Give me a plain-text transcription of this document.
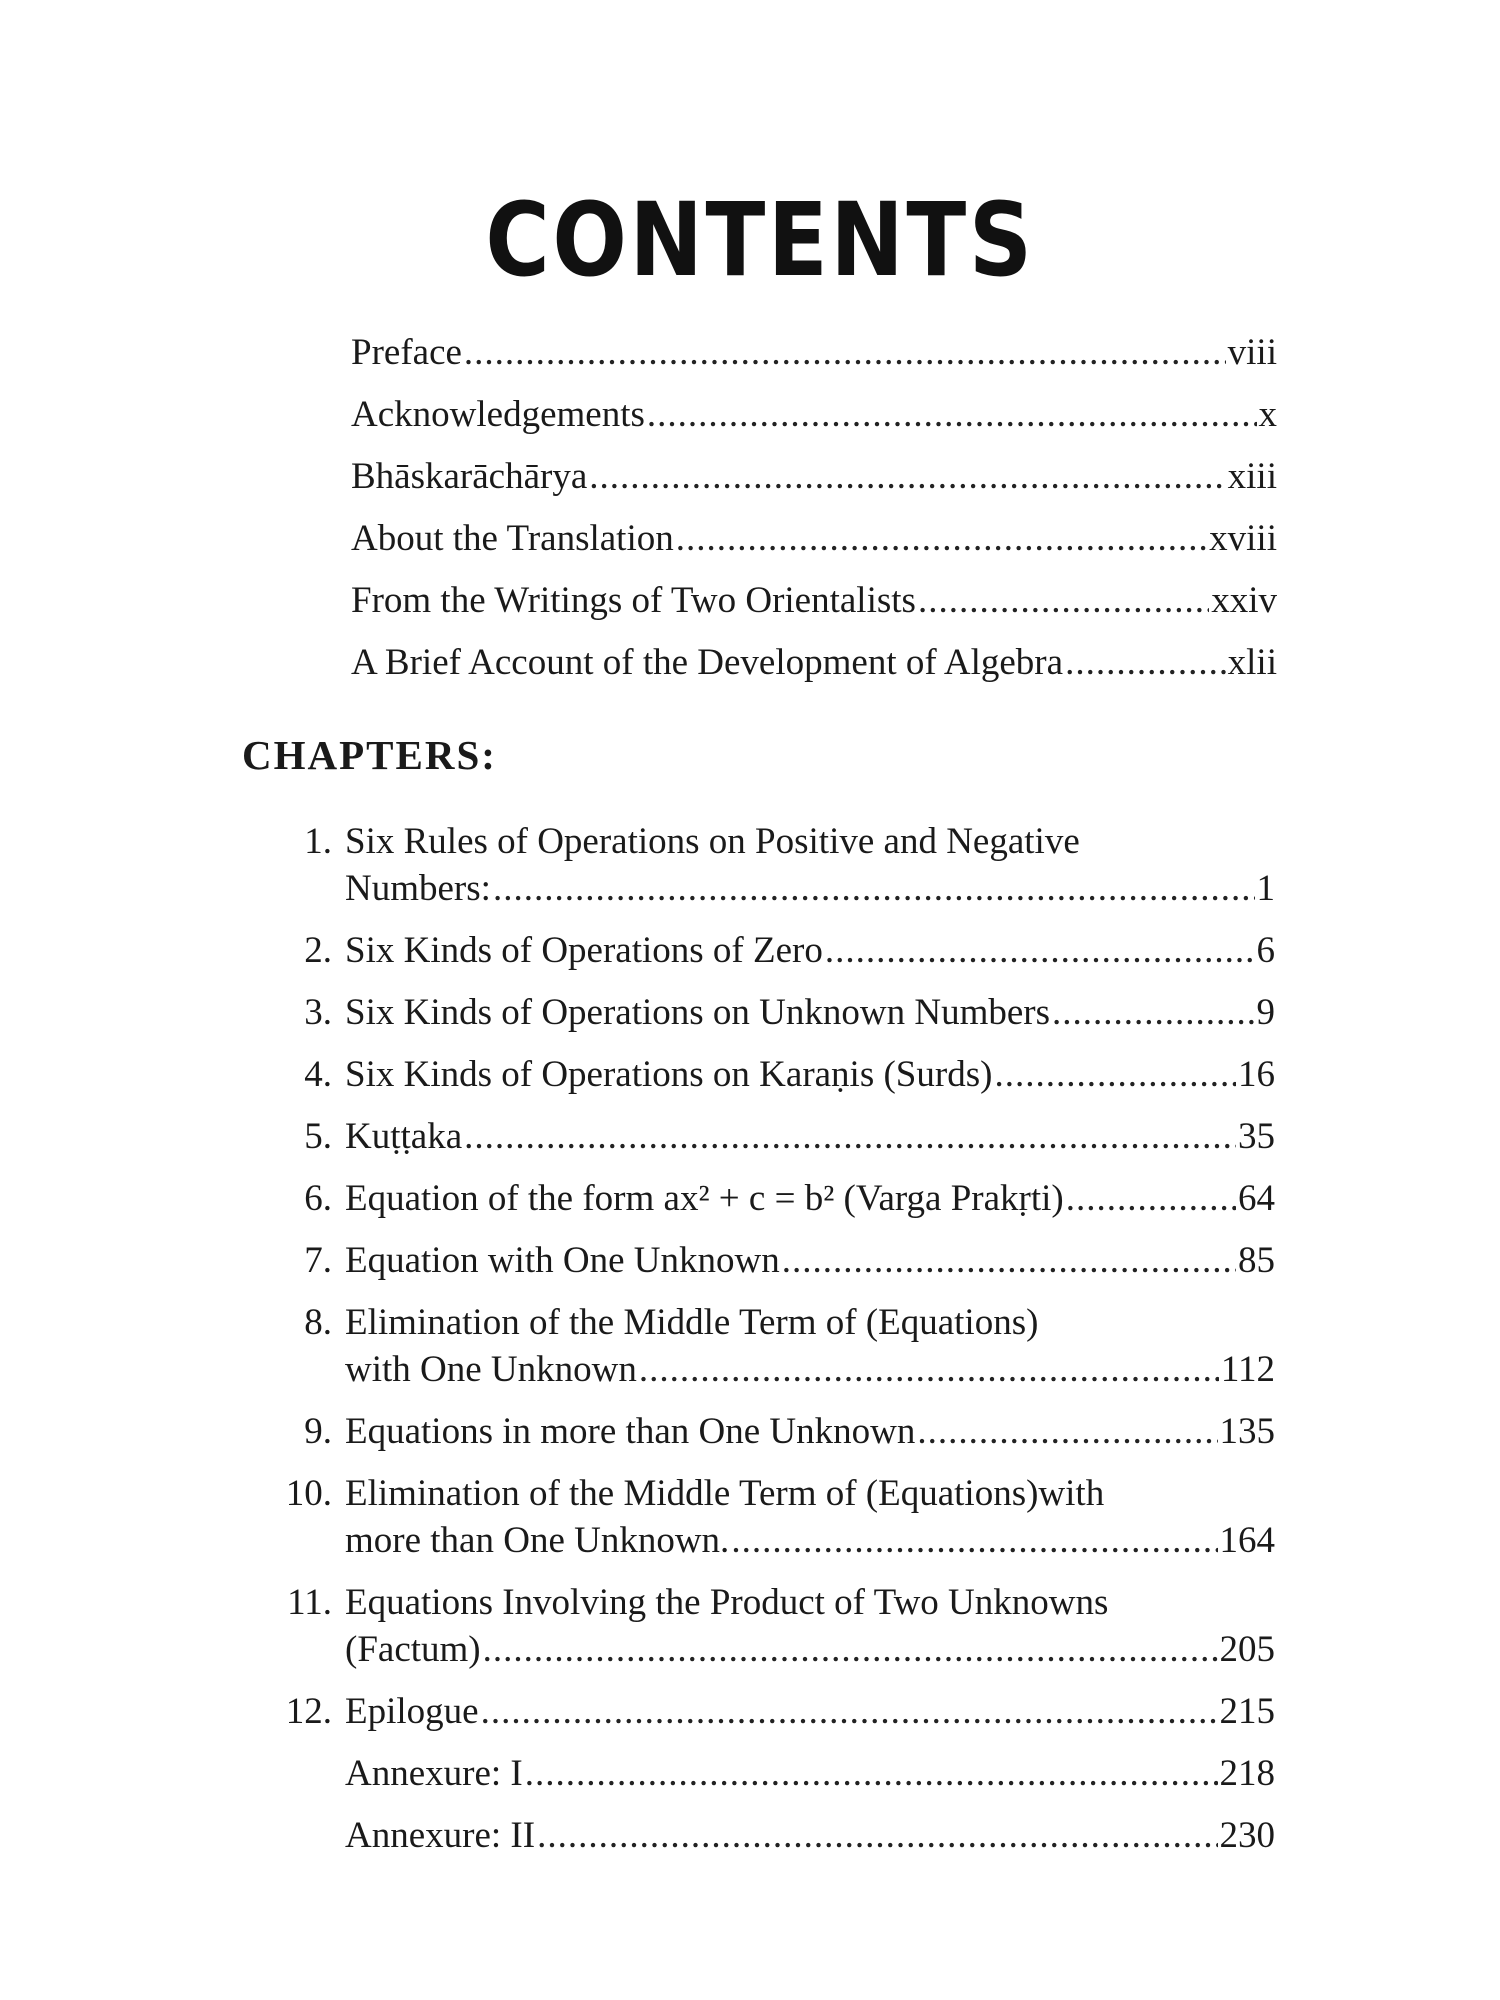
CONTENTS
Preface .....	viii
Acknowledgements .....	x
Bhāskarāchārya .....	xiii
About the Translation .....	xviii
From the Writings of Two Orientalists .....	xxiv
A Brief Account of the Development of Algebra .....	xlii
CHAPTERS:
1. Six Rules of Operations on Positive and Negative
Numbers: .....	1
2. Six Kinds of Operations of Zero .....	6
3. Six Kinds of Operations on Unknown Numbers .....	9
4. Six Kinds of Operations on Karaṇis (Surds) .....	16
5. Kuṭṭaka .....	35
6. Equation of the form ax² + c = b² (Varga Prakṛti) .....	64
7. Equation with One Unknown .....	85
8. Elimination of the Middle Term of (Equations)
with One Unknown .....	112
9. Equations in more than One Unknown .....	135
10. Elimination of the Middle Term of (Equations)with
more than One Unknown. .....	164
11. Equations Involving the Product of Two Unknowns
(Factum) .....	205
12. Epilogue .....	215
Annexure: I .....	218
Annexure: II .....	230
